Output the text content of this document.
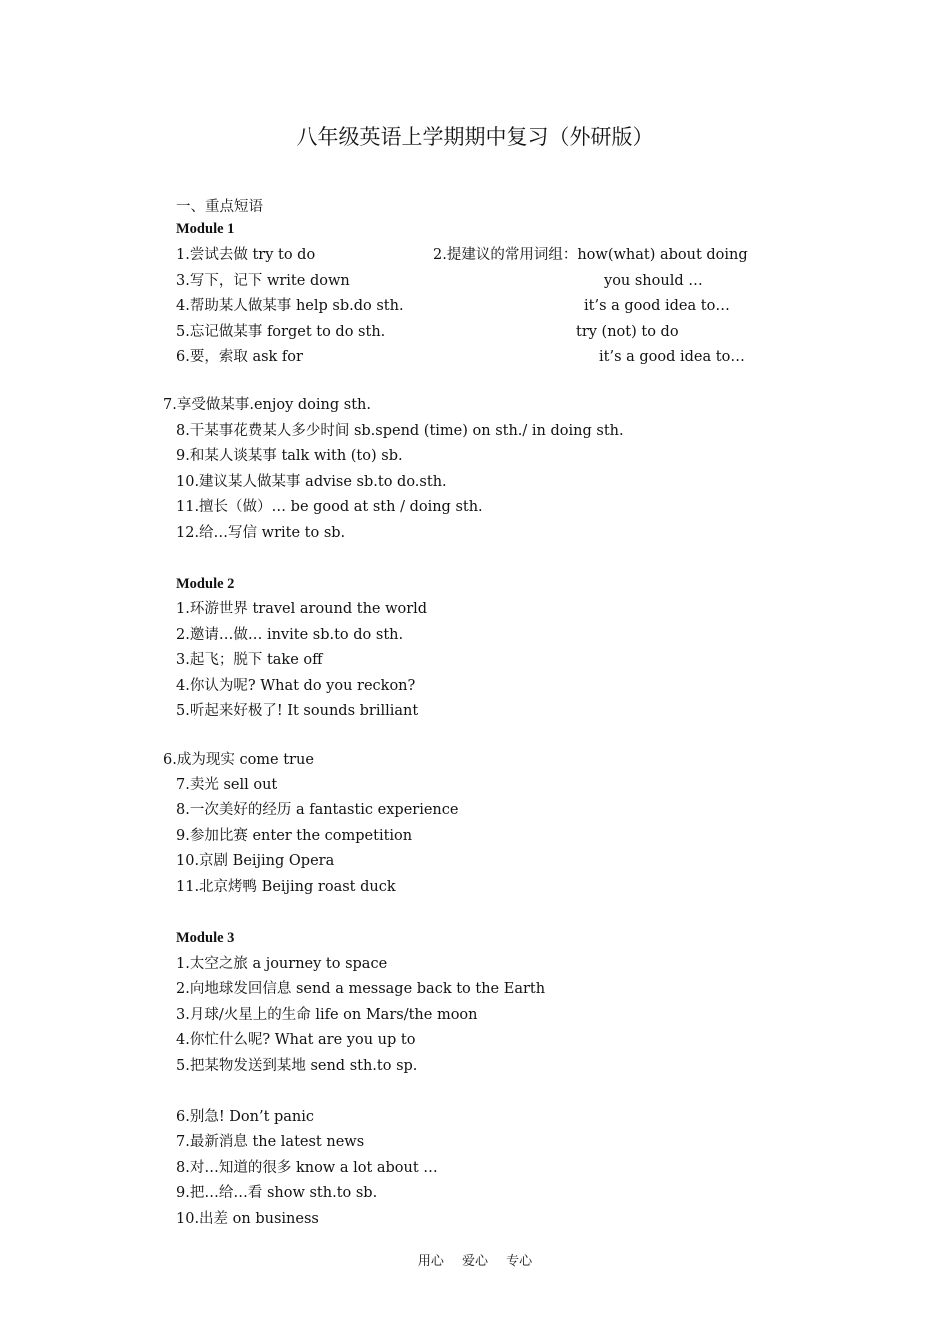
八年级英语上学期期中复习（外研版）
一、重点短语
Module 1
1.尝试去做 try to do
3.写下，记下 write down
4.帮助某人做某事 help sb.do sth.
5.忘记做某事 forget to do sth.
6.要，索取 ask for
7.享受做某事.enjoy doing sth.
8.干某事花费某人多少时间 sb.spend (time) on sth./ in doing sth.
9.和某人谈某事 talk with (to) sb.
10.建议某人做某事 advise sb.to do.sth.
11.擅长（做）… be good at sth / doing sth.
12.给…写信 write to sb.
2.提建议的常用词组：how(what) about doing
you should …
it’s a good idea to…
try (not) to do
it’s a good idea to…
Module 2
1.环游世界 travel around the world
2.邀请…做… invite sb.to do sth.
3.起飞；脱下 take off
4.你认为呢? What do you reckon?
5.听起来好极了! It sounds brilliant
6.成为现实 come true
7.卖光 sell out
8.一次美好的经历 a fantastic experience
9.参加比赛 enter the competition
10.京剧 Beijing Opera
11.北京烤鸭 Beijing roast duck
Module 3
1.太空之旅 a journey to space
2.向地球发回信息 send a message back to the Earth
3.月球/火星上的生命 life on Mars/the moon
4.你忙什么呢? What are you up to
5.把某物发送到某地 send sth.to sp.
6.别急! Don’t panic
7.最新消息 the latest news
8.对…知道的很多 know a lot about …
9.把…给…看 show sth.to sb.
10.出差 on business
用心 爱心 专心
